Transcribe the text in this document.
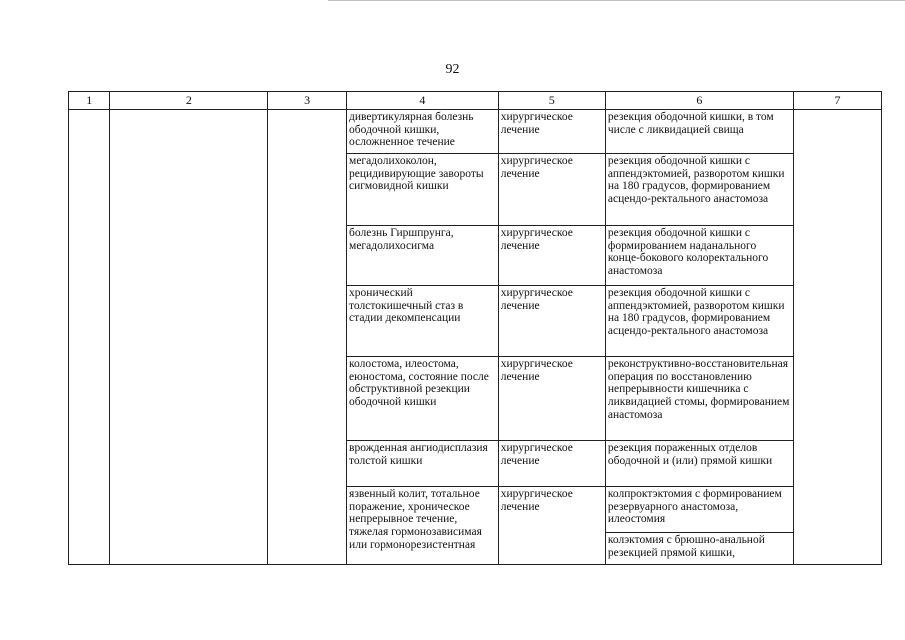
92
1	2	3	4	5	6	7
			дивертикулярная болезнь ободочной кишки, осложненное течение	хирургическое лечение	резекция ободочной кишки, в том числе с ликвидацией свища	
			мегадолихоколон, рецидивирующие завороты сигмовидной кишки	хирургическое лечение	резекция ободочной кишки с аппендэктомией, разворотом кишки на 180 градусов, формированием асцендо-ректального анастомоза	
			болезнь Гиршпрунга, мегадолихосигма	хирургическое лечение	резекция ободочной кишки с формированием наданального конце-бокового колоректального анастомоза	
			хронический толстокишечный стаз в стадии декомпенсации	хирургическое лечение	резекция ободочной кишки с аппендэктомией, разворотом кишки на 180 градусов, формированием асцендо-ректального анастомоза	
			колостома, илеостома, еюностома, состояние после обструктивной резекции ободочной кишки	хирургическое лечение	реконструктивно-восстановительная операция по восстановлению непрерывности кишечника с ликвидацией стомы, формированием анастомоза	
			врожденная ангиодисплазия толстой кишки	хирургическое лечение	резекция пораженных отделов ободочной и (или) прямой кишки	
			язвенный колит, тотальное поражение, хроническое непрерывное течение, тяжелая гормонозависимая или гормонорезистентная	хирургическое лечение	колпроктэктомия с формированием резервуарного анастомоза, илеостомия	
					колэктомия с брюшно-анальной резекцией прямой кишки,	
